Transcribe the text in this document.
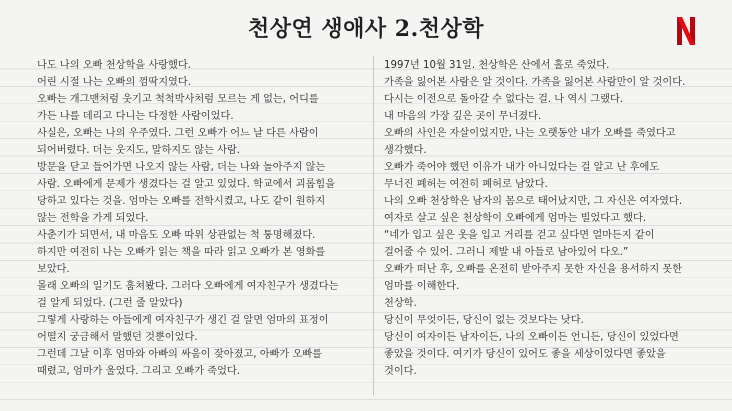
천상연 생애사 2.천상학
나도 나의 오빠 천상학을 사랑했다.
어린 시절 나는 오빠의 껌딱지였다.
오빠는 개그맨처럼 웃기고 척척박사처럼 모르는 게 없는, 어디를
가든 나를 데리고 다니는 다정한 사람이었다.
사실은, 오빠는 나의 우주였다. 그런 오빠가 어느 날 다른 사람이
되어버렸다. 더는 웃지도, 말하지도 않는 사람.
방문을 닫고 들어가면 나오지 않는 사람, 더는 나와 놀아주지 않는
사람. 오빠에게 문제가 생겼다는 걸 알고 있었다. 학교에서 괴롭힘을
당하고 있다는 것을. 엄마는 오빠를 전학시켰고, 나도 같이 원하지
않는 전학을 가게 되었다.
사춘기가 되면서, 내 마음도 오빠 따위 상관없는 척 퉁명해졌다.
하지만 여전히 나는 오빠가 읽는 책을 따라 읽고 오빠가 본 영화를
보았다.
몰래 오빠의 일기도 훔쳐봤다. 그러다 오빠에게 여자친구가 생겼다는
걸 알게 되었다. (그런 줄 알았다)
그렇게 사랑하는 아들에게 여자친구가 생긴 걸 알면 엄마의 표정이
어떨지 궁금해서 말했던 것뿐이었다.
그런데 그날 이후 엄마와 아빠의 싸움이 잦아졌고, 아빠가 오빠를
때렸고, 엄마가 울었다. 그리고 오빠가 죽었다.
1997년 10월 31일. 천상학은 산에서 홀로 죽었다.
가족을 잃어본 사람은 알 것이다. 가족을 잃어본 사람만이 알 것이다.
다시는 이전으로 돌아갈 수 없다는 걸. 나 역시 그랬다.
내 마음의 가장 깊은 곳이 무너졌다.
오빠의 사인은 자살이었지만, 나는 오랫동안 내가 오빠를 죽였다고
생각했다.
오빠가 죽어야 했던 이유가 내가 아니었다는 걸 알고 난 후에도
무너진 폐허는 여전히 폐허로 남았다.
나의 오빠 천상학은 남자의 몸으로 태어났지만, 그 자신은 여자였다.
여자로 살고 싶은 천상학이 오빠에게 엄마는 빌었다고 했다.
“네가 입고 싶은 옷을 입고 거리를 걷고 싶다면 얼마든지 같이
걸어줄 수 있어. 그러니 제발 내 아들로 남아있어 다오.”
오빠가 떠난 후, 오빠를 온전히 받아주지 못한 자신을 용서하지 못한
엄마를 이해한다.
천상학.
당신이 무엇이든, 당신이 없는 것보다는 낫다.
당신이 여자이든 남자이든, 나의 오빠이든 언니든, 당신이 있었다면
좋았을 것이다. 여기가 당신이 있어도 좋을 세상이었다면 좋았을
것이다.
